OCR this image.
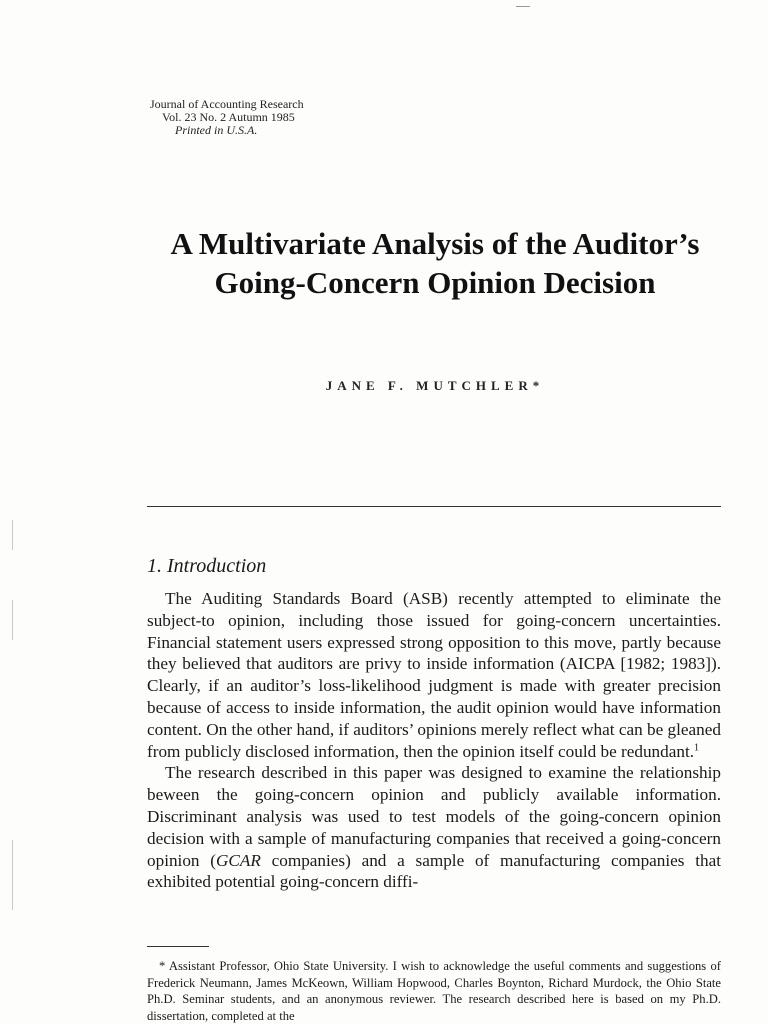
Journal of Accounting Research
Vol. 23 No. 2 Autumn 1985
Printed in U.S.A.
A Multivariate Analysis of the Auditor’s Going-Concern Opinion Decision
JANE F. MUTCHLER*
1. Introduction

The Auditing Standards Board (ASB) recently attempted to eliminate the subject-to opinion, including those issued for going-concern uncertainties. Financial statement users expressed strong opposition to this move, partly because they believed that auditors are privy to inside information (AICPA [1982; 1983]). Clearly, if an auditor’s loss-likelihood judgment is made with greater precision because of access to inside information, the audit opinion would have information content. On the other hand, if auditors’ opinions merely reflect what can be gleaned from publicly disclosed information, then the opinion itself could be redundant.$^1$

The research described in this paper was designed to examine the relationship beween the going-concern opinion and publicly available information. Discriminant analysis was used to test models of the going-concern opinion decision with a sample of manufacturing companies that received a going-concern opinion (GCAR companies) and a sample of manufacturing companies that exhibited potential going-concern diffi-

* Assistant Professor, Ohio State University. I wish to acknowledge the useful comments and suggestions of Frederick Neumann, James McKeown, William Hopwood, Charles Boynton, Richard Murdock, the Ohio State Ph.D. Seminar students, and an anonymous reviewer. The research described here is based on my Ph.D. dissertation, completed at the
